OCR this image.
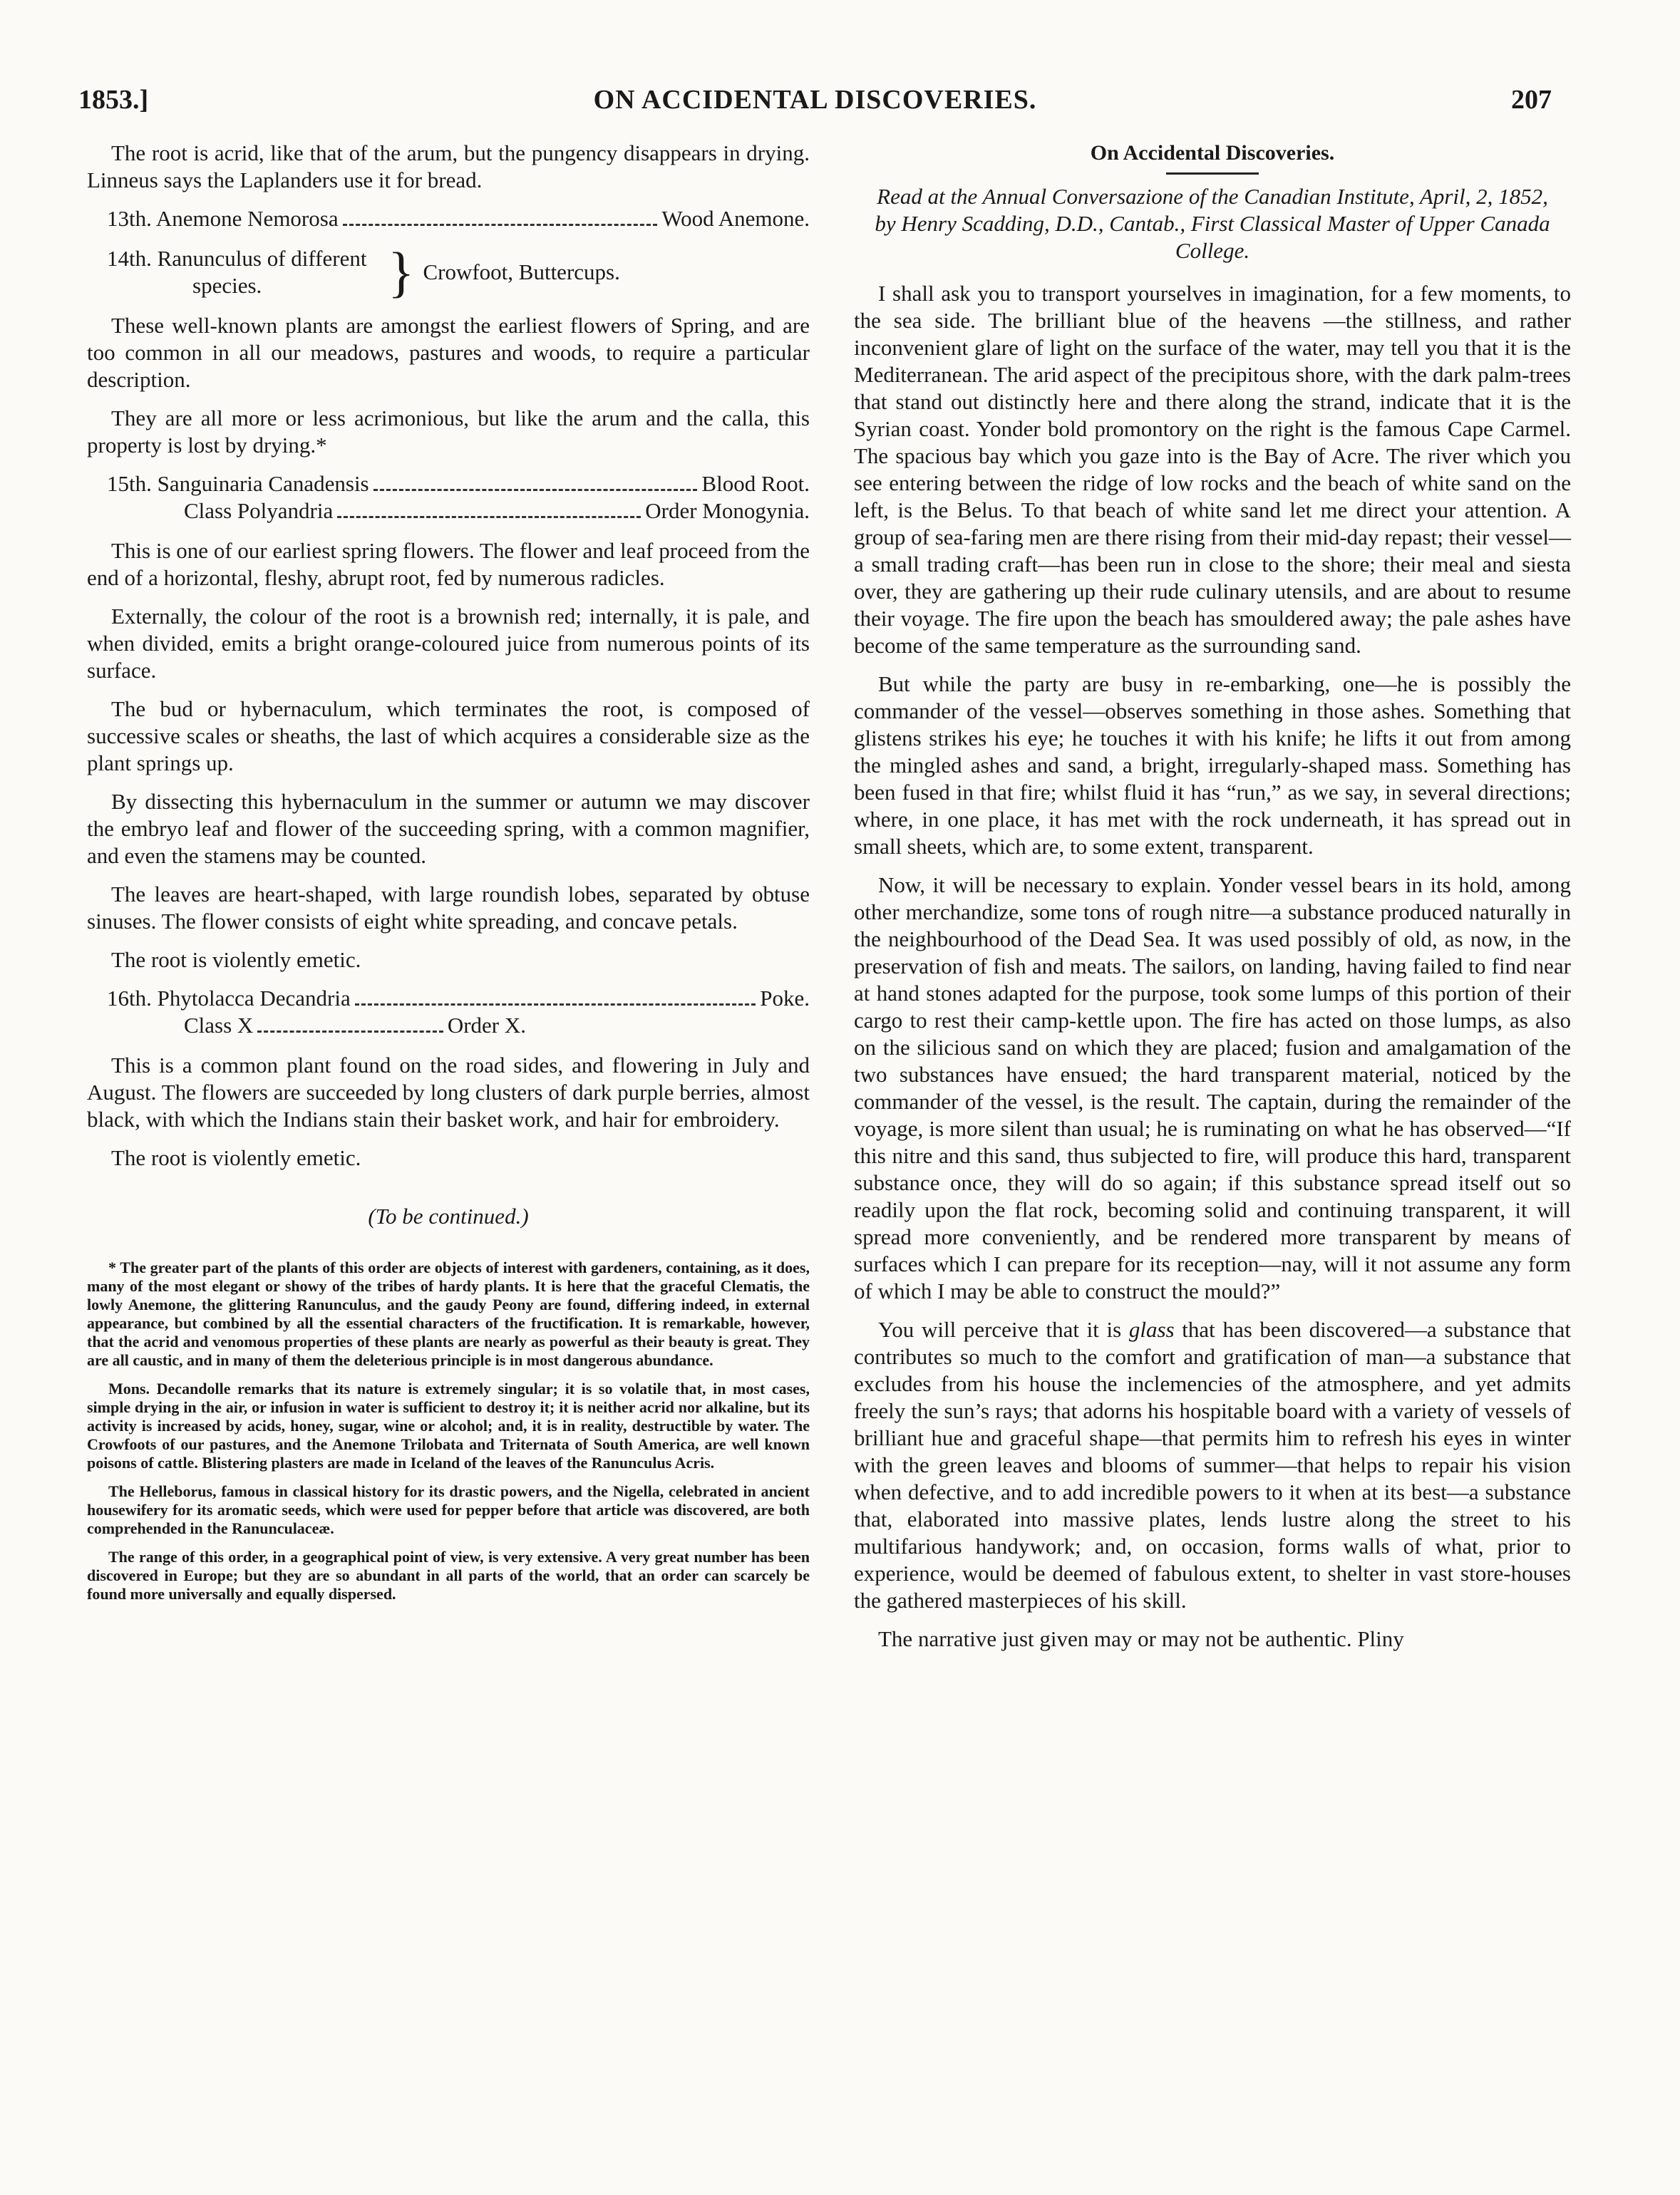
1853.]	ON ACCIDENTAL DISCOVERIES.	207

The root is acrid, like that of the arum, but the pungency disappears in drying. Linneus says the Laplanders use it for bread.

13th. Anemone Nemorosa	Wood Anemone.
14th. Ranunculus of different
species.	} Crowfoot, Buttercups.

These well-known plants are amongst the earliest flowers of Spring, and are too common in all our meadows, pastures and woods, to require a particular description.

They are all more or less acrimonious, but like the arum and the calla, this property is lost by drying.*

15th. Sanguinaria Canadensis	Blood Root.
Class Polyandria	Order Monogynia.

This is one of our earliest spring flowers. The flower and leaf proceed from the end of a horizontal, fleshy, abrupt root, fed by numerous radicles.

Externally, the colour of the root is a brownish red; internally, it is pale, and when divided, emits a bright orange-coloured juice from numerous points of its surface.

The bud or hybernaculum, which terminates the root, is composed of successive scales or sheaths, the last of which acquires a considerable size as the plant springs up.

By dissecting this hybernaculum in the summer or autumn we may discover the embryo leaf and flower of the succeeding spring, with a common magnifier, and even the stamens may be counted.

The leaves are heart-shaped, with large roundish lobes, separated by obtuse sinuses. The flower consists of eight white spreading, and concave petals.

The root is violently emetic.

16th. Phytolacca Decandria	Poke.
Class X	Order X.

This is a common plant found on the road sides, and flowering in July and August. The flowers are succeeded by long clusters of dark purple berries, almost black, with which the Indians stain their basket work, and hair for embroidery.

The root is violently emetic.

(To be continued.)

* The greater part of the plants of this order are objects of interest with gardeners, containing, as it does, many of the most elegant or showy of the tribes of hardy plants. It is here that the graceful Clematis, the lowly Anemone, the glittering Ranunculus, and the gaudy Peony are found, differing indeed, in external appearance, but combined by all the essential characters of the fructification. It is remarkable, however, that the acrid and venomous properties of these plants are nearly as powerful as their beauty is great. They are all caustic, and in many of them the deleterious principle is in most dangerous abundance.

Mons. Decandolle remarks that its nature is extremely singular; it is so volatile that, in most cases, simple drying in the air, or infusion in water is sufficient to destroy it; it is neither acrid nor alkaline, but its activity is increased by acids, honey, sugar, wine or alcohol; and, it is in reality, destructible by water. The Crowfoots of our pastures, and the Anemone Trilobata and Triternata of South America, are well known poisons of cattle. Blistering plasters are made in Iceland of the leaves of the Ranunculus Acris.

The Helleborus, famous in classical history for its drastic powers, and the Nigella, celebrated in ancient housewifery for its aromatic seeds, which were used for pepper before that article was discovered, are both comprehended in the Ranunculaceæ.

The range of this order, in a geographical point of view, is very extensive. A very great number has been discovered in Europe; but they are so abundant in all parts of the world, that an order can scarcely be found more universally and equally dispersed.

On Accidental Discoveries.

Read at the Annual Conversazione of the Canadian Institute, April, 2, 1852, by Henry Scadding, D.D., Cantab., First Classical Master of Upper Canada College.

I shall ask you to transport yourselves in imagination, for a few moments, to the sea side. The brilliant blue of the heavens —the stillness, and rather inconvenient glare of light on the surface of the water, may tell you that it is the Mediterranean. The arid aspect of the precipitous shore, with the dark palm-trees that stand out distinctly here and there along the strand, indicate that it is the Syrian coast. Yonder bold promontory on the right is the famous Cape Carmel. The spacious bay which you gaze into is the Bay of Acre. The river which you see entering between the ridge of low rocks and the beach of white sand on the left, is the Belus. To that beach of white sand let me direct your attention. A group of sea-faring men are there rising from their mid-day repast; their vessel—a small trading craft—has been run in close to the shore; their meal and siesta over, they are gathering up their rude culinary utensils, and are about to resume their voyage. The fire upon the beach has smouldered away; the pale ashes have become of the same temperature as the surrounding sand.

But while the party are busy in re-embarking, one—he is possibly the commander of the vessel—observes something in those ashes. Something that glistens strikes his eye; he touches it with his knife; he lifts it out from among the mingled ashes and sand, a bright, irregularly-shaped mass. Something has been fused in that fire; whilst fluid it has “run,” as we say, in several directions; where, in one place, it has met with the rock underneath, it has spread out in small sheets, which are, to some extent, transparent.

Now, it will be necessary to explain. Yonder vessel bears in its hold, among other merchandize, some tons of rough nitre—a substance produced naturally in the neighbourhood of the Dead Sea. It was used possibly of old, as now, in the preservation of fish and meats. The sailors, on landing, having failed to find near at hand stones adapted for the purpose, took some lumps of this portion of their cargo to rest their camp-kettle upon. The fire has acted on those lumps, as also on the silicious sand on which they are placed; fusion and amalgamation of the two substances have ensued; the hard transparent material, noticed by the commander of the vessel, is the result. The captain, during the remainder of the voyage, is more silent than usual; he is ruminating on what he has observed—“If this nitre and this sand, thus subjected to fire, will produce this hard, transparent substance once, they will do so again; if this substance spread itself out so readily upon the flat rock, becoming solid and continuing transparent, it will spread more conveniently, and be rendered more transparent by means of surfaces which I can prepare for its reception—nay, will it not assume any form of which I may be able to construct the mould?”

You will perceive that it is glass that has been discovered—a substance that contributes so much to the comfort and gratification of man—a substance that excludes from his house the inclemencies of the atmosphere, and yet admits freely the sun’s rays; that adorns his hospitable board with a variety of vessels of brilliant hue and graceful shape—that permits him to refresh his eyes in winter with the green leaves and blooms of summer—that helps to repair his vision when defective, and to add incredible powers to it when at its best—a substance that, elaborated into massive plates, lends lustre along the street to his multifarious handywork; and, on occasion, forms walls of what, prior to experience, would be deemed of fabulous extent, to shelter in vast store-houses the gathered masterpieces of his skill.

The narrative just given may or may not be authentic. Pliny
